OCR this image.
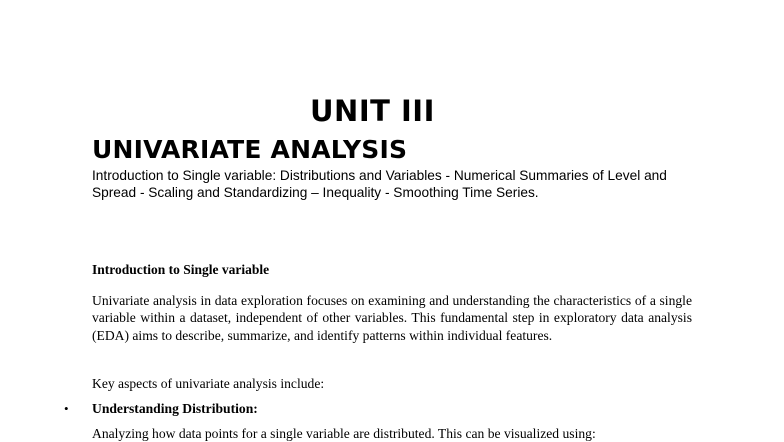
UNIT III
UNIVARIATE ANALYSIS
Introduction to Single variable: Distributions and Variables - Numerical Summaries of Level and Spread - Scaling and Standardizing – Inequality - Smoothing Time Series.
Introduction to Single variable
Univariate analysis in data exploration focuses on examining and understanding the characteristics of a single variable within a dataset, independent of other variables. This fundamental step in exploratory data analysis (EDA) aims to describe, summarize, and identify patterns within individual features.
Key aspects of univariate analysis include:
• Understanding Distribution:
Analyzing how data points for a single variable are distributed. This can be visualized using:
